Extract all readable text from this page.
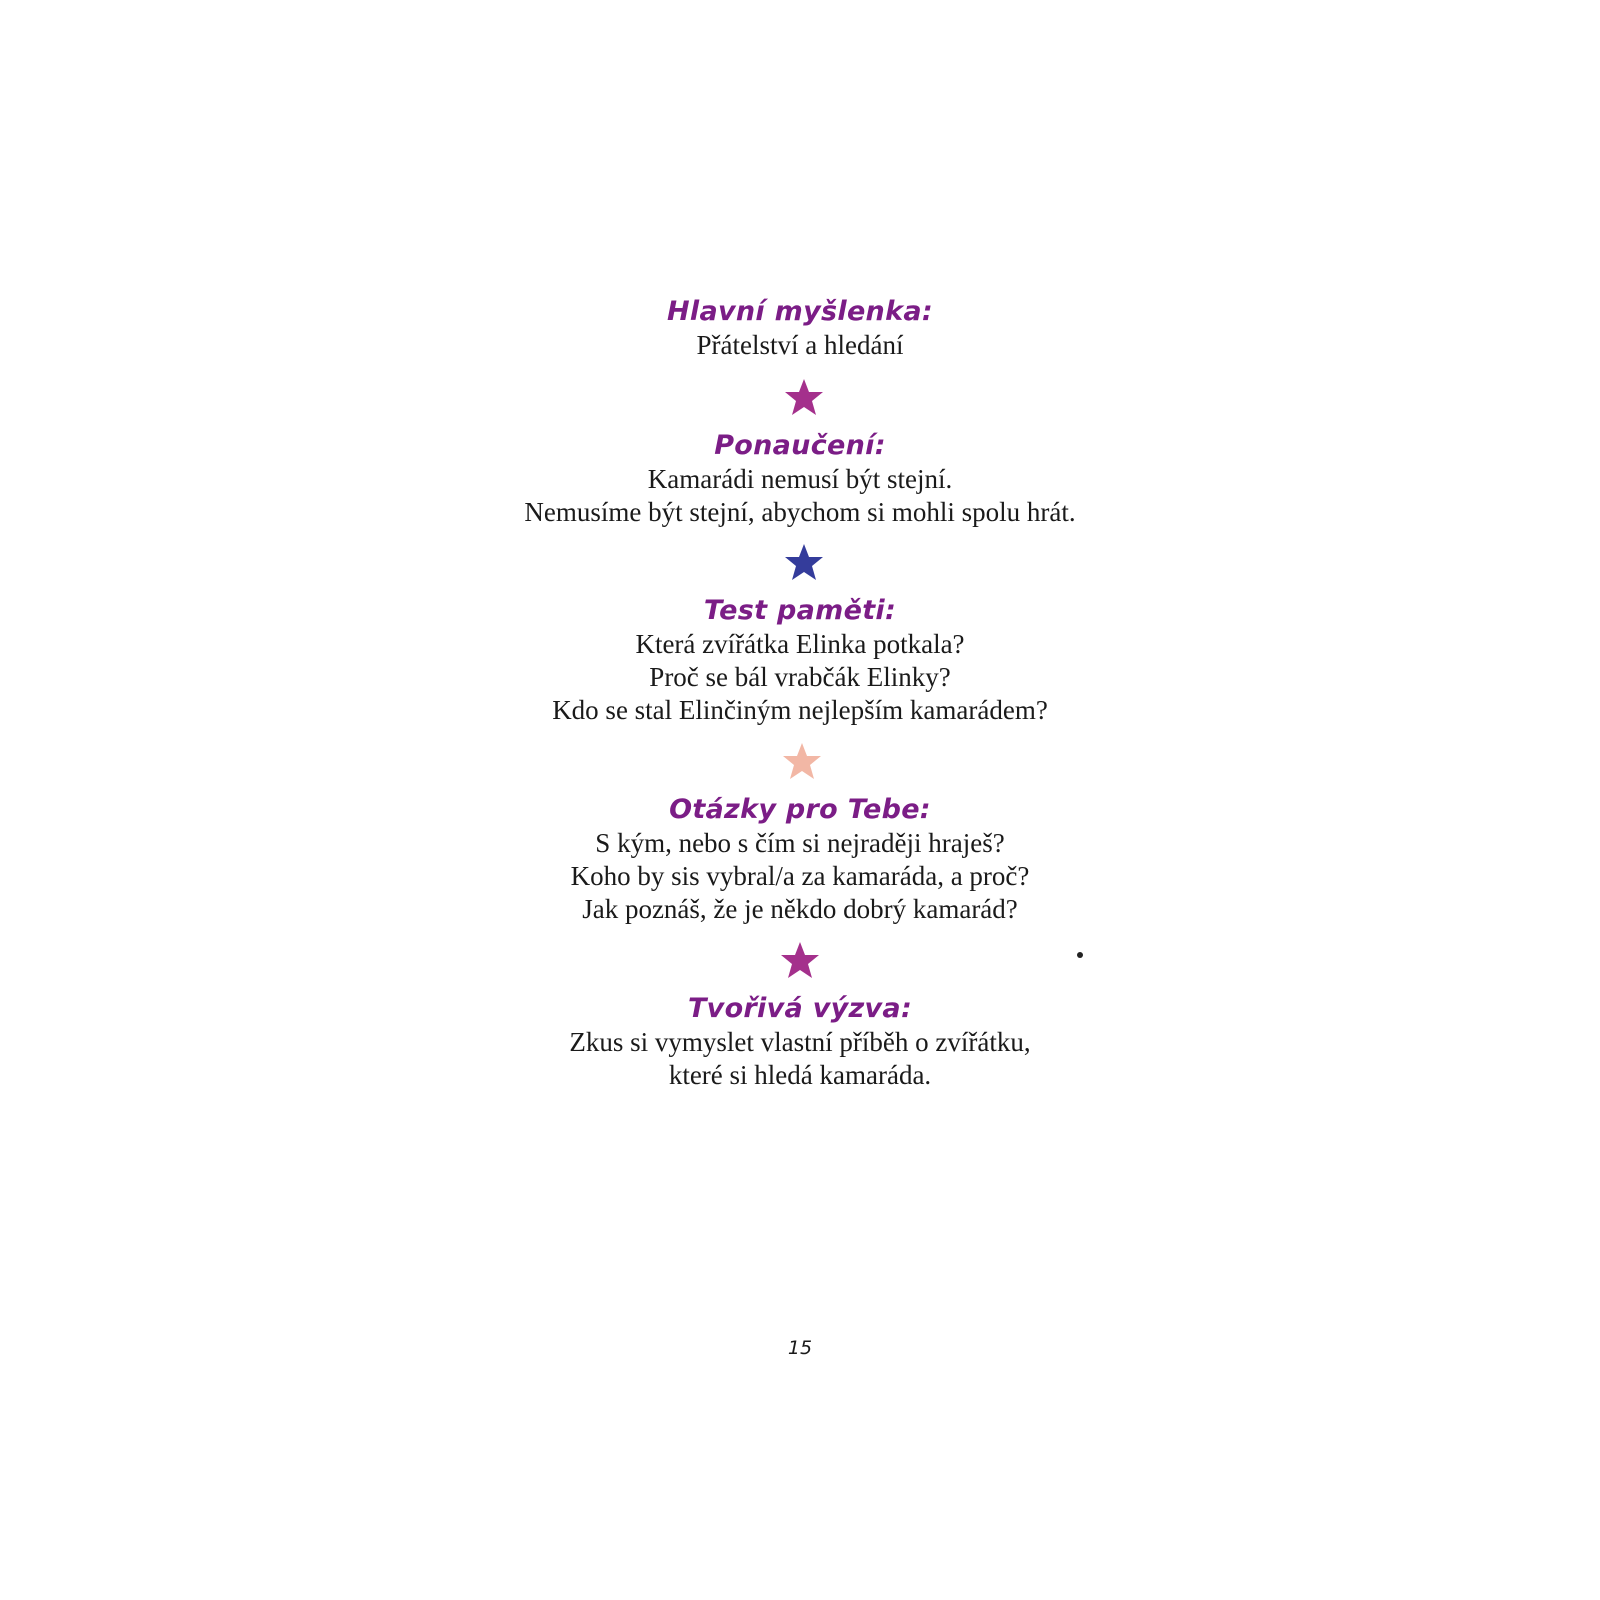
Hlavní myšlenka:
Přátelství a hledání
Ponaučení:
Kamarádi nemusí být stejní.
Nemusíme být stejní, abychom si mohli spolu hrát.
Test paměti:
Která zvířátka Elinka potkala?
Proč se bál vrabčák Elinky?
Kdo se stal Elinčiným nejlepším kamarádem?
Otázky pro Tebe:
S kým, nebo s čím si nejraději hraješ?
Koho by sis vybral/a za kamaráda, a proč?
Jak poznáš, že je někdo dobrý kamarád?
Tvořivá výzva:
Zkus si vymyslet vlastní příběh o zvířátku,
které si hledá kamaráda.
15
